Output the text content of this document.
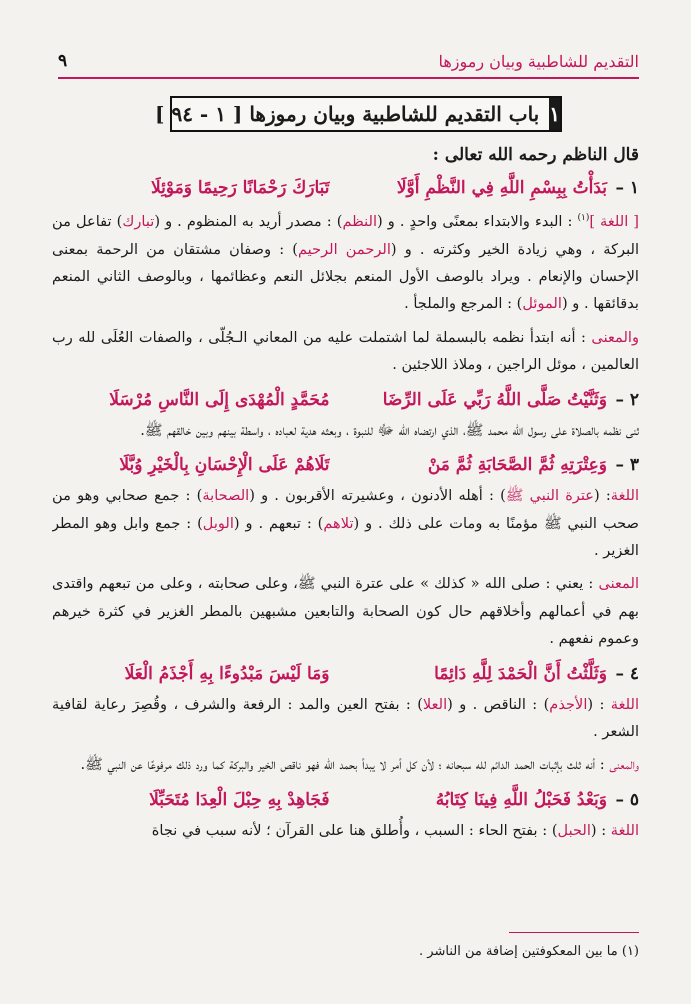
التقديم للشاطبية وبيان رموزها
٩
١
باب التقديم للشاطبية وبيان رموزها [ ١ - ٩٤ ]

قال الناظم رحمه الله تعالى :

١ –
بَدَأْتُ بِبِسْمِ اللَّهِ فِي النَّظْمِ أَوَّلَا
تَبَارَكَ رَحْمَانًا رَحِيمًا وَمَوْئِلَا

[ اللغة ]$^{(١)}$ : البدء والابتداء بمعنًى واحدٍ . و (النظم) : مصدر أريد به المنظوم . و (تبارك) تفاعل من البركة ، وهي زيادة الخير وكثرته . و (الرحمن الرحيم) : وصفان مشتقان من الرحمة بمعنى الإحسان والإنعام . ويراد بالوصف الأول المنعم بجلائل النعم وعظائمها ، وبالوصف الثاني المنعم بدقائقها . و (الموئل) : المرجع والملجأ .

والمعنى : أنه ابتدأ نظمه بالبسملة لما اشتملت عليه من المعاني الـجُلّى ، والصفات العُلَى لله رب العالمين ، موئل الراجين ، وملاذ اللاجئين .

٢ –
وَثَنَّيْتُ صَلَّى اللَّهُ رَبِّي عَلَى الرِّضَا
مُحَمَّدٍ الْمُهْدَى إِلَى النَّاسِ مُرْسَلَا

ثنى نظمه بالصلاة على رسول الله محمد ﷺ، الذي ارتضاه الله ﷻ للنبوة ، وبعثه هدية لعباده ، واسطة بينهم وبين خالقهم ﷺ.

٣ –
وَعِتْرَتِهِ ثُمَّ الصَّحَابَةِ ثُمَّ مَنْ
تَلَاهُمْ عَلَى الْإِحْسَانِ بِالْخَيْرِ وُبَّلَا

اللغة: (عترة النبي ﷺ) : أهله الأدنون ، وعشيرته الأقربون . و (الصحابة) : جمع صحابي وهو من صحب النبي ﷺ مؤمنًا به ومات على ذلك . و (تلاهم) : تبعهم . و (الوبل) : جمع وابل وهو المطر الغزير .

المعنى : يعني : صلى الله « كذلك » على عترة النبي ﷺ، وعلى صحابته ، وعلى من تبعهم واقتدى بهم في أعمالهم وأخلاقهم حال كون الصحابة والتابعين مشبهين بالمطر الغزير في كثرة خيرهم وعموم نفعهم .

٤ –
وَثَلَّثْتُ أَنَّ الْحَمْدَ لِلَّهِ دَائِمًا
وَمَا لَيْسَ مَبْدُوءًا بِهِ أَجْذَمُ الْعَلَا

اللغة : (الأجذم) : الناقص . و (العلا) : بفتح العين والمد : الرفعة والشرف ، وقُصِرَ رعاية لقافية الشعر .

والمعنى : أنه ثلث بإثبات الحمد الدائم لله سبحانه ؛ لأن كل أمر لا يبدأ بحمد الله فهو ناقص الخير والبركة كما ورد ذلك مرفوعًا عن النبي ﷺ.

٥ –
وَبَعْدُ فَحَبْلُ اللَّهِ فِينَا كِتَابُهُ
فَجَاهِدْ بِهِ حِبْلَ الْعِدَا مُتَحَبِّلَا

اللغة : (الحبل) : بفتح الحاء : السبب ، وأُطلق هنا على القرآن ؛ لأنه سبب في نجاة

(١) ما بين المعكوفتين إضافة من الناشر .
